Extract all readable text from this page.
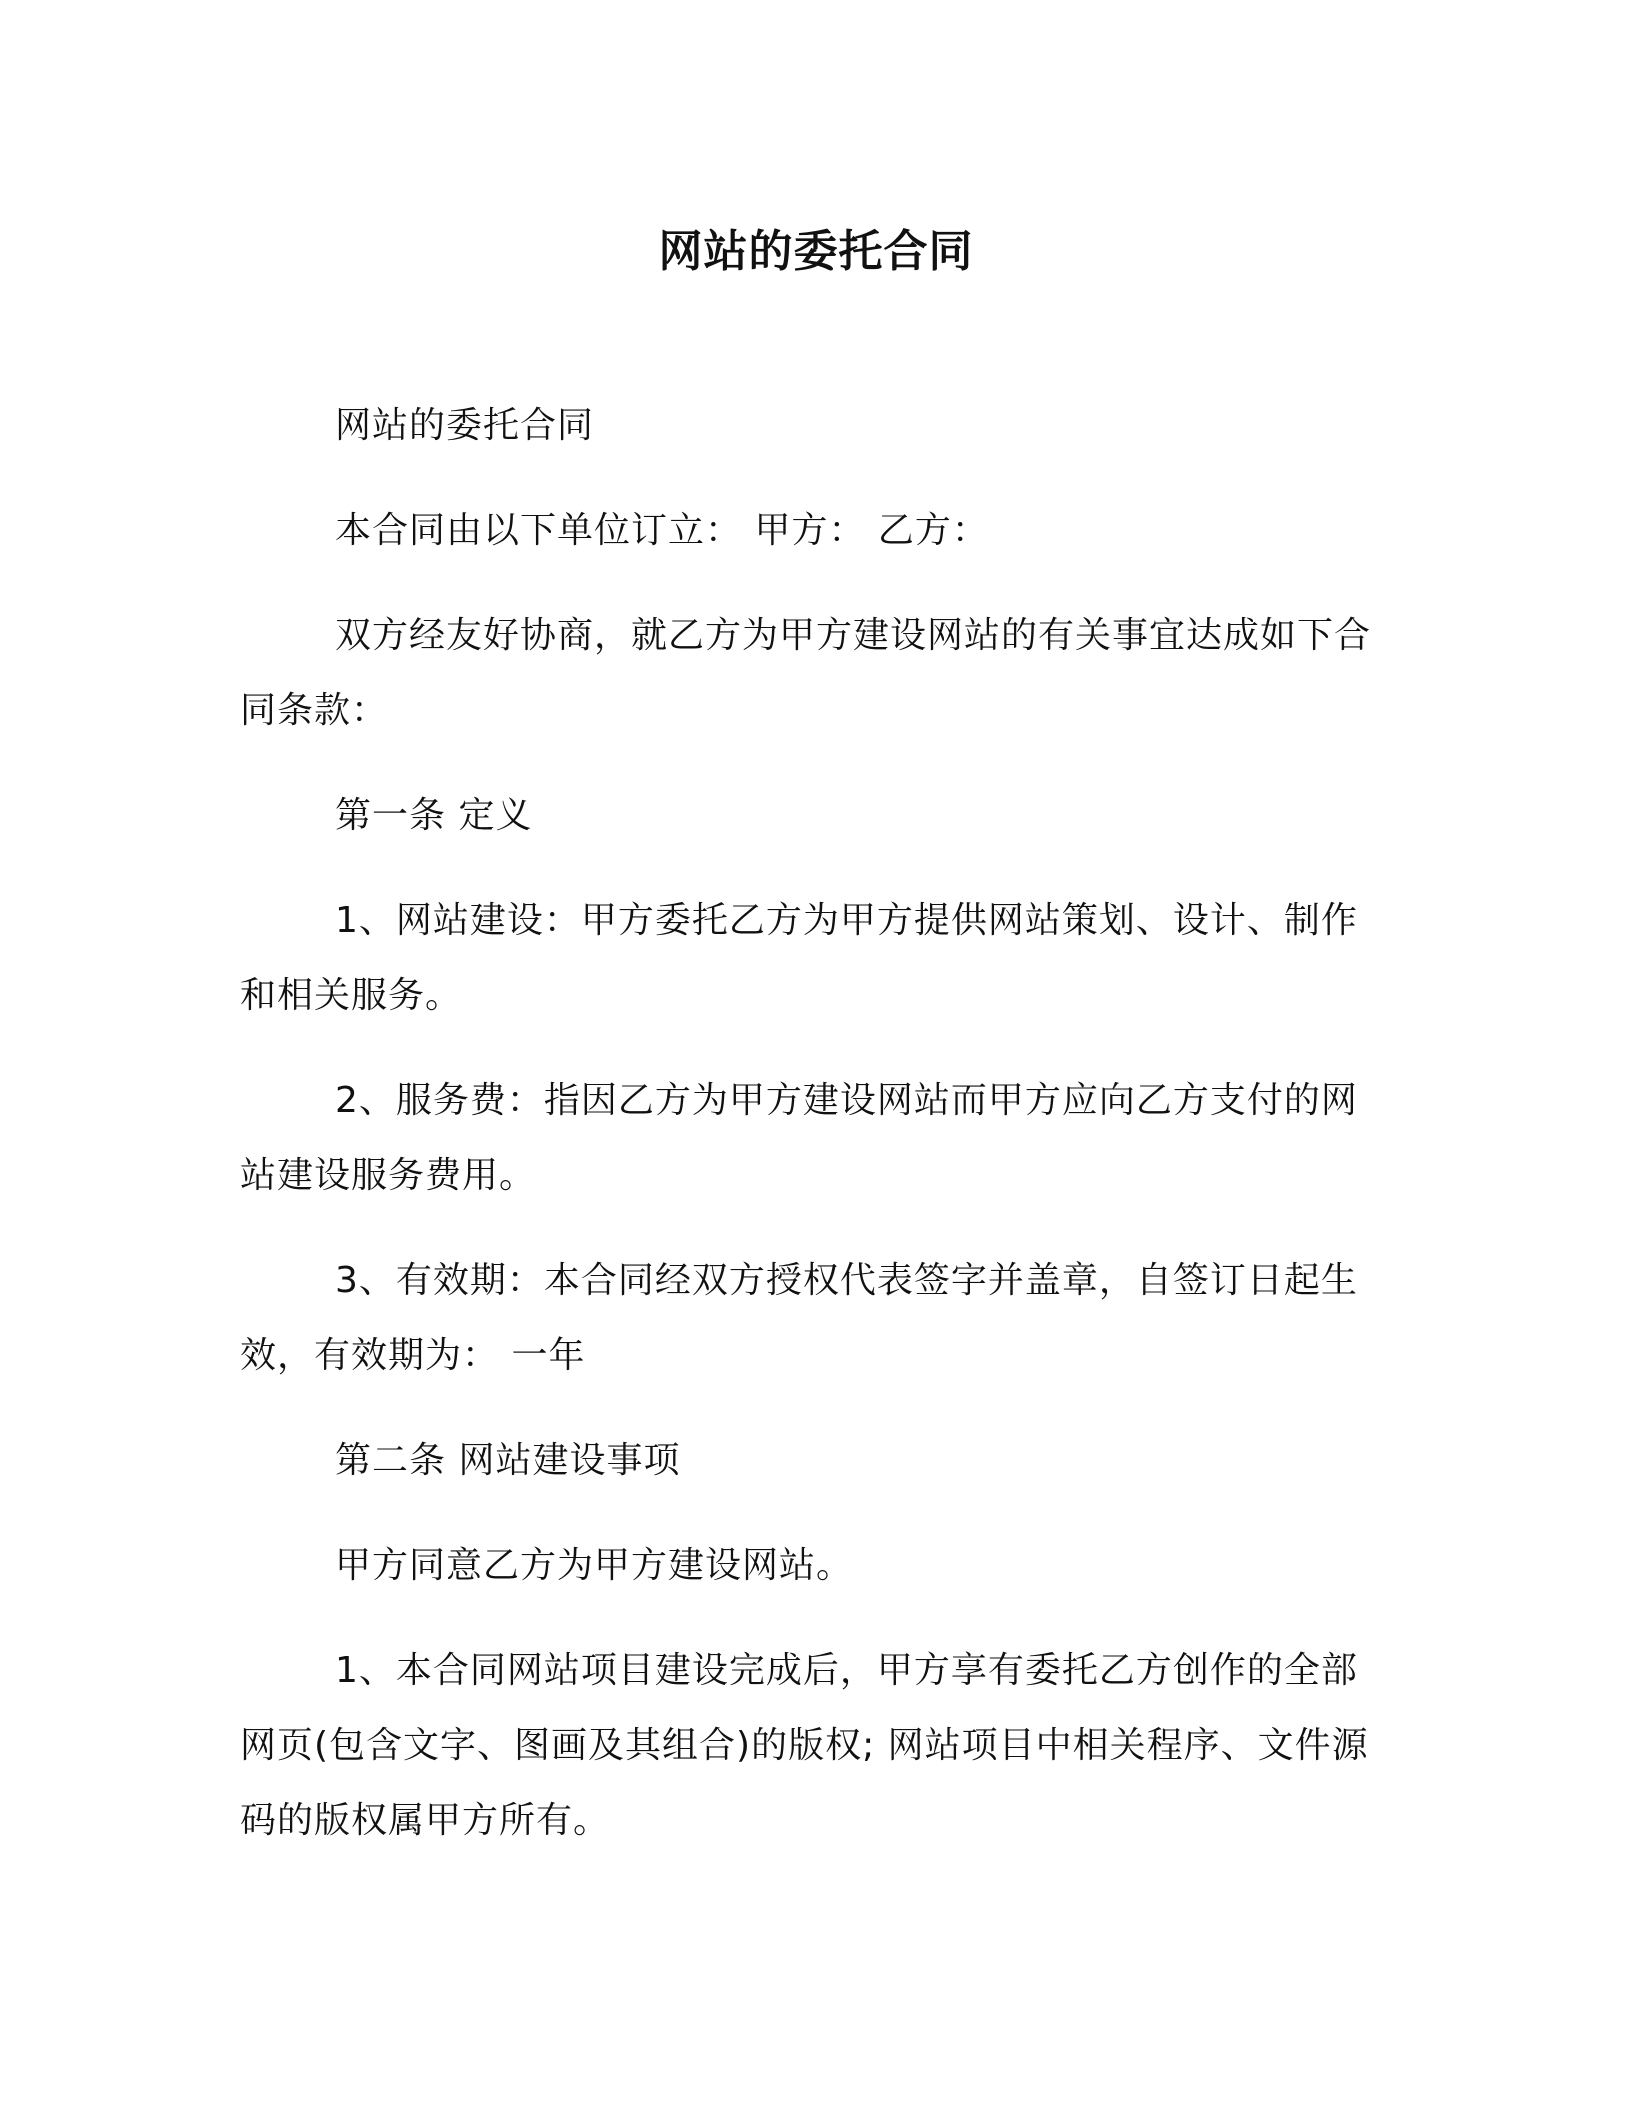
网站的委托合同

网站的委托合同

本合同由以下单位订立： 甲方： 乙方：

双方经友好协商，就乙方为甲方建设网站的有关事宜达成如下合同条款：

第一条 定义

1、网站建设：甲方委托乙方为甲方提供网站策划、设计、制作和相关服务。

2、服务费：指因乙方为甲方建设网站而甲方应向乙方支付的网站建设服务费用。

3、有效期：本合同经双方授权代表签字并盖章，自签订日起生效，有效期为： 一年

第二条 网站建设事项

甲方同意乙方为甲方建设网站。

1、本合同网站项目建设完成后，甲方享有委托乙方创作的全部网页(包含文字、图画及其组合)的版权; 网站项目中相关程序、文件源码的版权属甲方所有。
